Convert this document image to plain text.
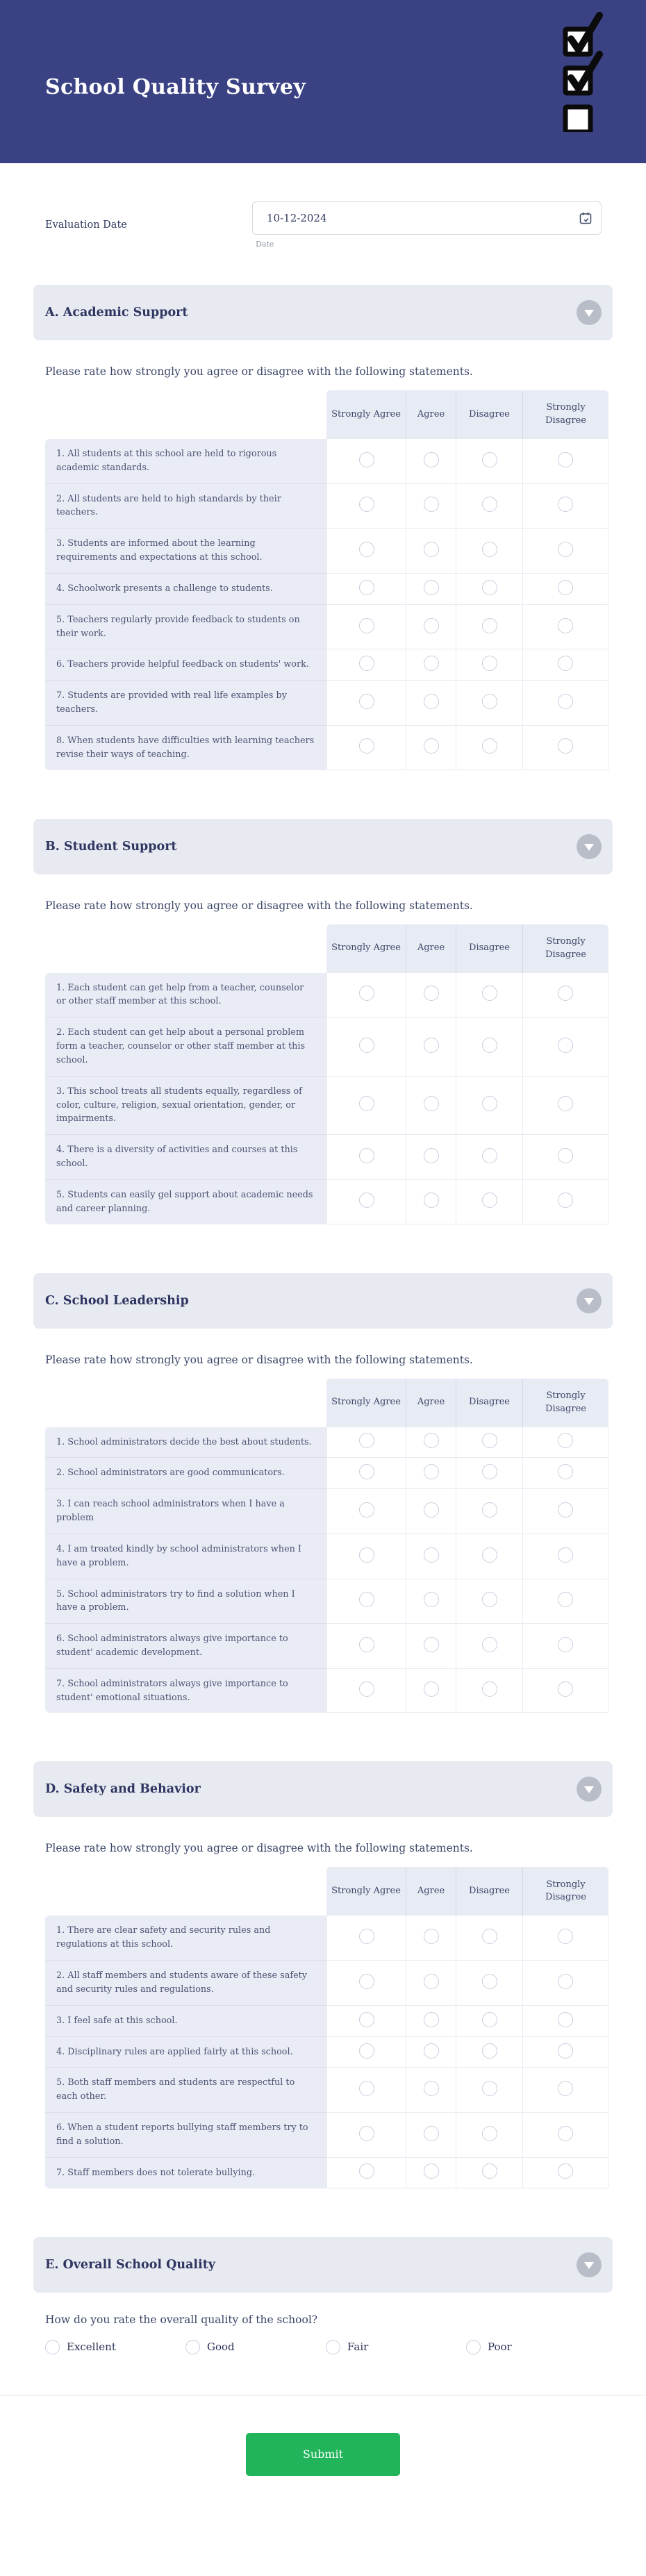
School Quality Survey
Evaluation Date
10-12-2024
Date
A. Academic Support

Please rate how strongly you agree or disagree with the following statements.

	Strongly Agree	Agree	Disagree	Strongly Disagree
1. All students at this school are held to rigorous academic standards.				
2. All students are held to high standards by their teachers.				
3. Students are informed about the learning requirements and expectations at this school.				
4. Schoolwork presents a challenge to students.				
5. Teachers regularly provide feedback to students on their work.				
6. Teachers provide helpful feedback on students' work.				
7. Students are provided with real life examples by teachers.				
8. When students have difficulties with learning teachers revise their ways of teaching.				
B. Student Support

Please rate how strongly you agree or disagree with the following statements.

	Strongly Agree	Agree	Disagree	Strongly Disagree
1. Each student can get help from a teacher, counselor or other staff member at this school.				
2. Each student can get help about a personal problem form a teacher, counselor or other staff member at this school.				
3. This school treats all students equally, regardless of color, culture, religion, sexual orientation, gender, or impairments.				
4. There is a diversity of activities and courses at this school.				
5. Students can easily gel support about academic needs and career planning.				
C. School Leadership

Please rate how strongly you agree or disagree with the following statements.

	Strongly Agree	Agree	Disagree	Strongly Disagree
1. School administrators decide the best about students.				
2. School administrators are good communicators.				
3. I can reach school administrators when I have a problem				
4. I am treated kindly by school administrators when I have a problem.				
5. School administrators try to find a solution when I have a problem.				
6. School administrators always give importance to student' academic development.				
7. School administrators always give importance to student' emotional situations.				
D. Safety and Behavior

Please rate how strongly you agree or disagree with the following statements.

	Strongly Agree	Agree	Disagree	Strongly Disagree
1. There are clear safety and security rules and regulations at this school.				
2. All staff members and students aware of these safety and security rules and regulations.				
3. I feel safe at this school.				
4. Disciplinary rules are applied fairly at this school.				
5. Both staff members and students are respectful to each other.				
6. When a student reports bullying staff members try to find a solution.				
7. Staff members does not tolerate bullying.				
E. Overall School Quality

How do you rate the overall quality of the school?

Excellent	Good	Fair	Poor
Submit
